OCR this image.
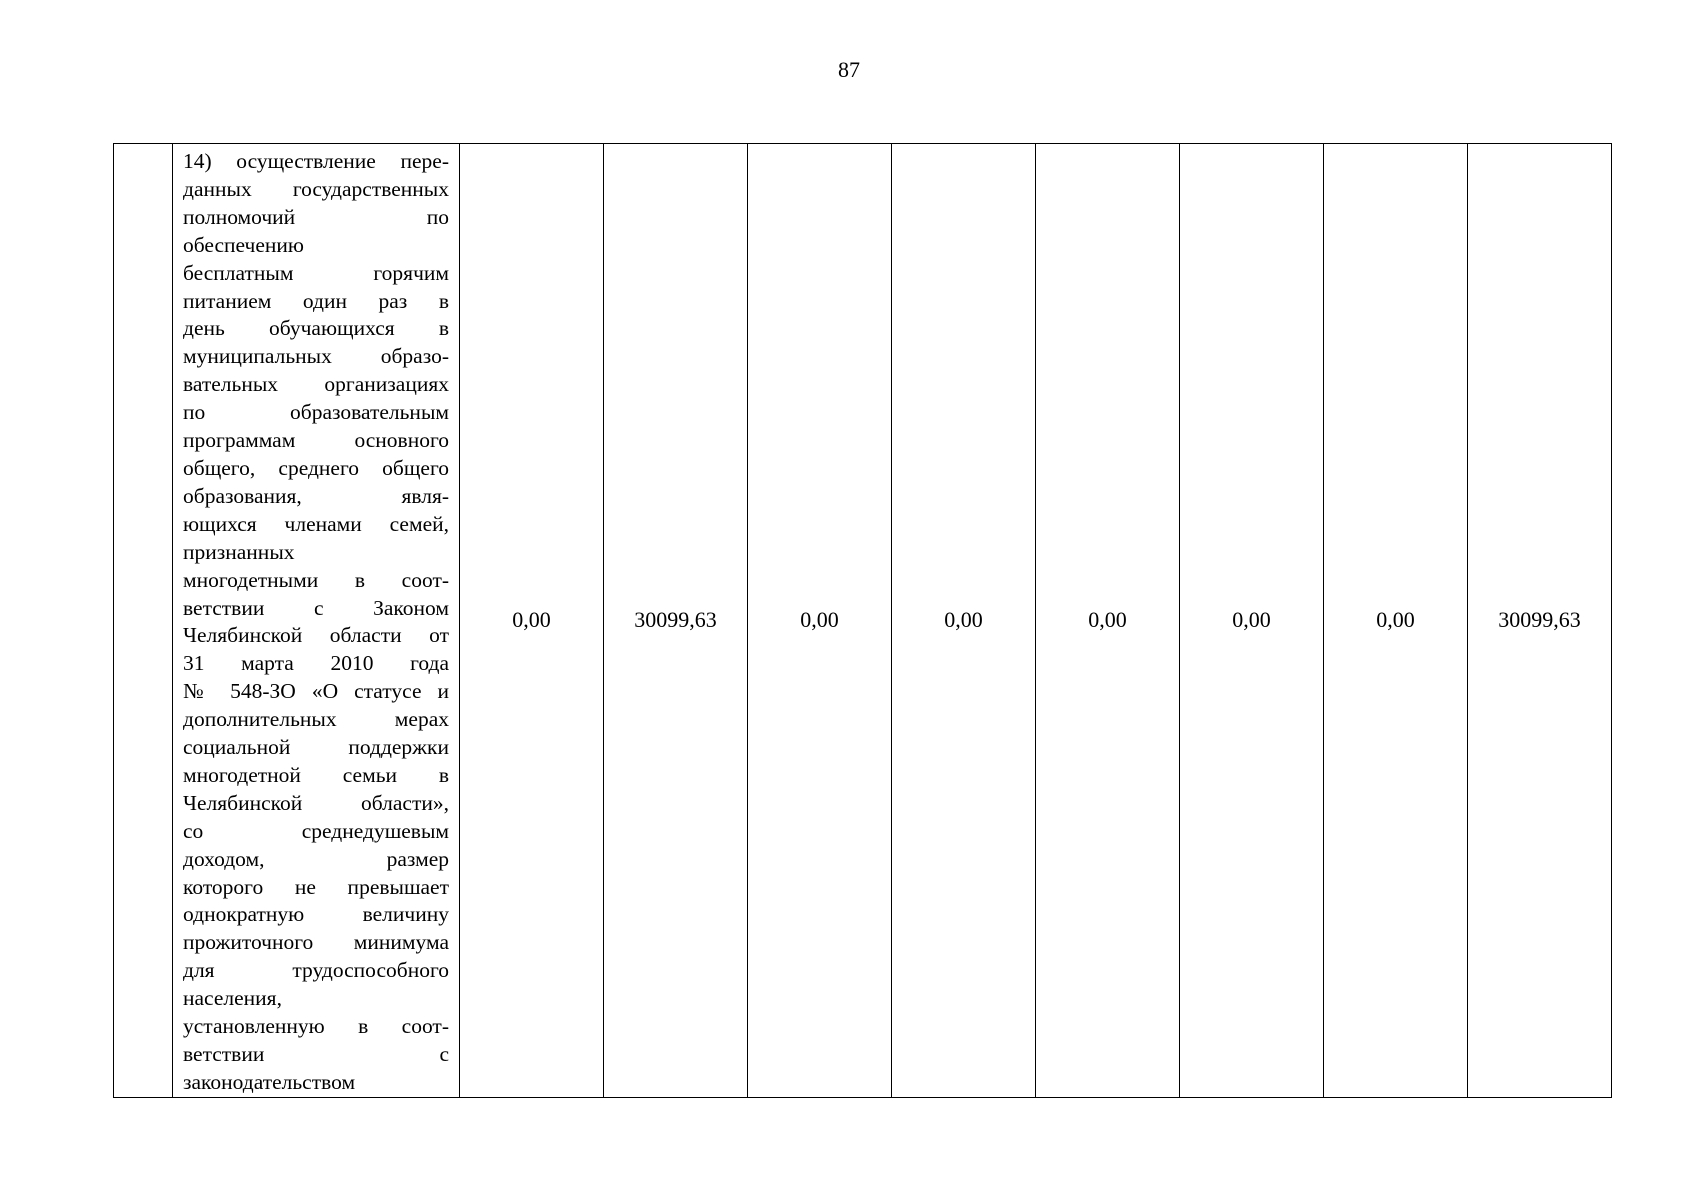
87

14) осуществление пере-
данных государственных
полномочий по
обеспечению
бесплатным горячим
питанием один раз в
день обучающихся в
муниципальных образо-
вательных организациях
по образовательным
программам основного
общего, среднего общего
образования, явля-
ющихся членами семей,
признанных
многодетными в соот-
ветствии с Законом
Челябинской области от
31 марта 2010 года
№ 548-ЗО «О статусе и
дополнительных мерах
социальной поддержки
многодетной семьи в
Челябинской области»,
со среднедушевым
доходом, размер
которого не превышает
однократную величину
прожиточного минимума
для трудоспособного
населения,
установленную в соот-
ветствии с
законодательством
	0,00	30099,63	0,00	0,00	0,00	0,00	0,00	30099,63
